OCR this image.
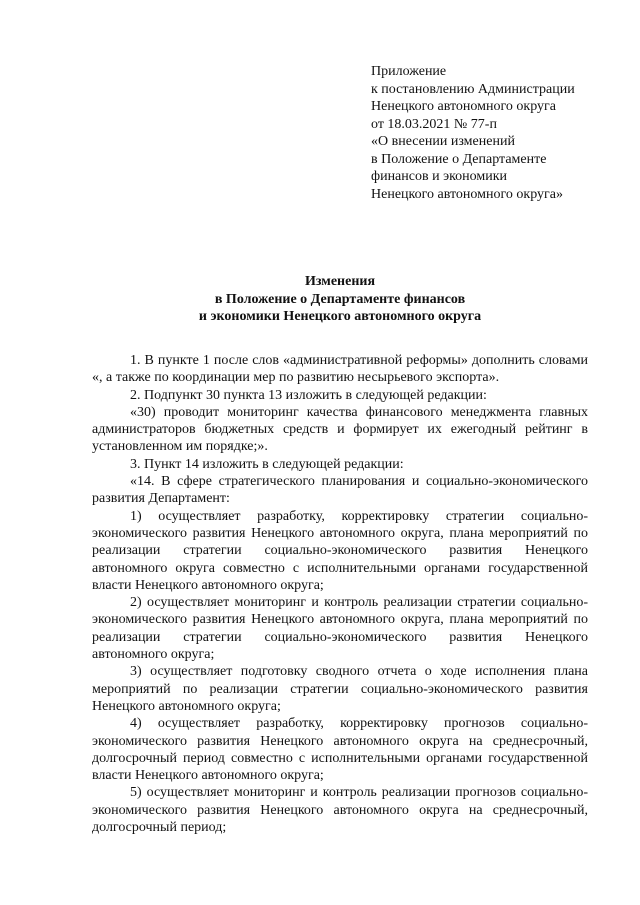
Приложение
к постановлению Администрации
Ненецкого автономного округа
от 18.03.2021 № 77-п
«О внесении изменений
в Положение о Департаменте
финансов и экономики
Ненецкого автономного округа»
Изменения
в Положение о Департаменте финансов
и экономики Ненецкого автономного округа

1. В пункте 1 после слов «административной реформы» дополнить словами «, а также по координации мер по развитию несырьевого экспорта».

2. Подпункт 30 пункта 13 изложить в следующей редакции:

«30) проводит мониторинг качества финансового менеджмента главных администраторов бюджетных средств и формирует их ежегодный рейтинг в установленном им порядке;».

3. Пункт 14 изложить в следующей редакции:

«14. В сфере стратегического планирования и социально-экономического развития Департамент:

1) осуществляет разработку, корректировку стратегии социально-экономического развития Ненецкого автономного округа, плана мероприятий по реализации стратегии социально-экономического развития Ненецкого автономного округа совместно с исполнительными органами государственной власти Ненецкого автономного округа;

2) осуществляет мониторинг и контроль реализации стратегии социально-экономического развития Ненецкого автономного округа, плана мероприятий по реализации стратегии социально-экономического развития Ненецкого автономного округа;

3) осуществляет подготовку сводного отчета о ходе исполнения плана мероприятий по реализации стратегии социально-экономического развития Ненецкого автономного округа;

4) осуществляет разработку, корректировку прогнозов социально-экономического развития Ненецкого автономного округа на среднесрочный, долгосрочный период совместно с исполнительными органами государственной власти Ненецкого автономного округа;

5) осуществляет мониторинг и контроль реализации прогнозов социально-экономического развития Ненецкого автономного округа на среднесрочный, долгосрочный период;
